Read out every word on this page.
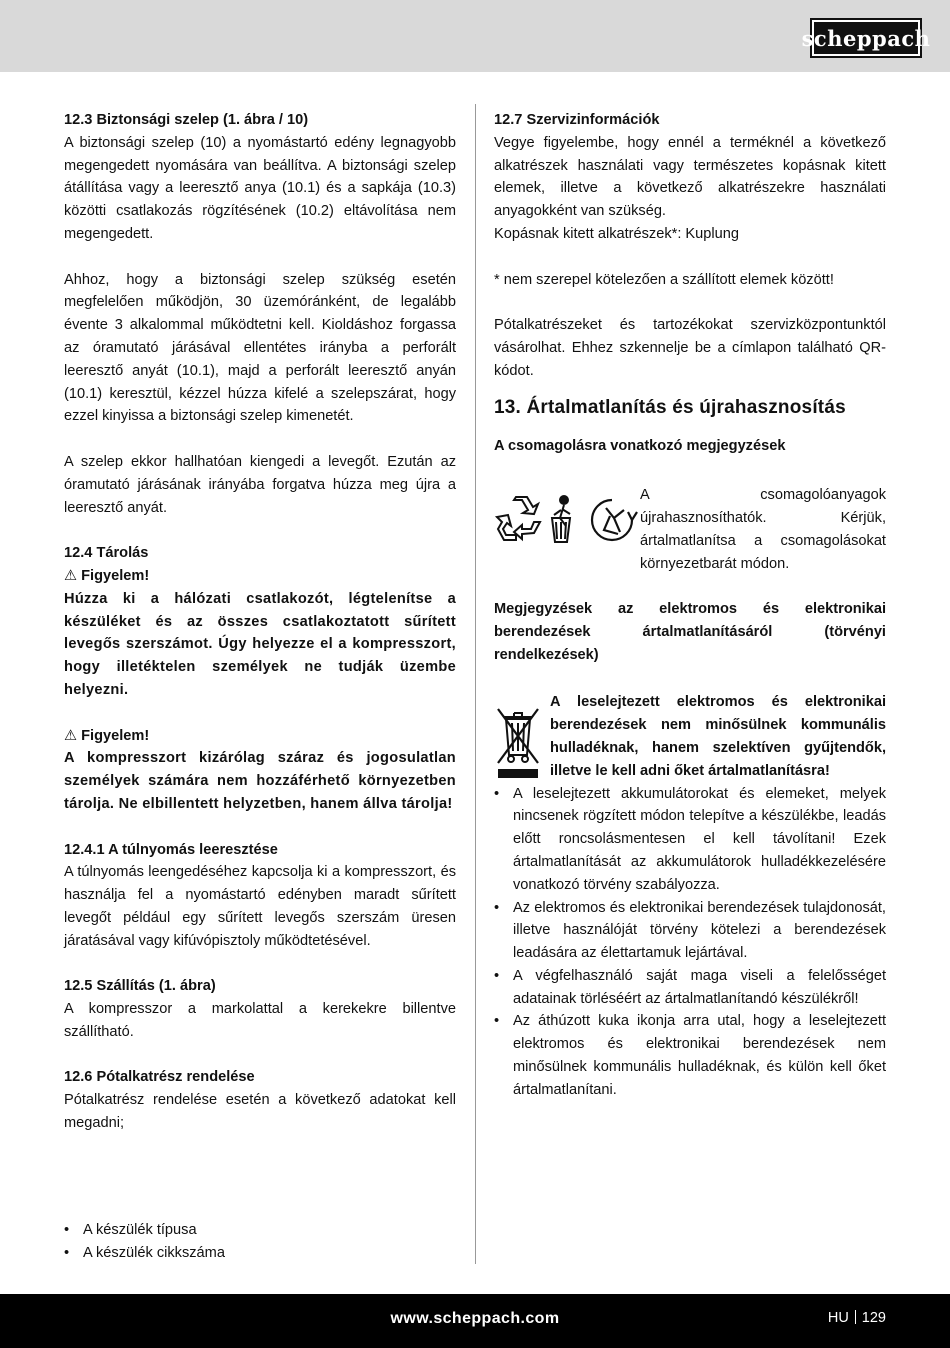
scheppach

12.3 Biztonsági szelep (1. ábra / 10)

A biztonsági szelep (10) a nyomástartó edény legnagyobb megengedett nyomására van beállítva. A biztonsági szelep átállítása vagy a leeresztő anya (10.1) és a sapkája (10.3) közötti csatlakozás rögzítésének (10.2) eltávolítása nem megengedett.

Ahhoz, hogy a biztonsági szelep szükség esetén megfelelően működjön, 30 üzemóránként, de legalább évente 3 alkalommal működtetni kell. Kioldáshoz forgassa az óramutató járásával ellentétes irányba a perforált leeresztő anyát (10.1), majd a perforált leeresztő anyán (10.1) keresztül, kézzel húzza kifelé a szelepszárat, hogy ezzel kinyissa a biztonsági szelep kimenetét.

A szelep ekkor hallhatóan kiengedi a levegőt. Ezután az óramutató járásának irányába forgatva húzza meg újra a leeresztő anyát.

12.4 Tárolás

⚠ Figyelem!

Húzza ki a hálózati csatlakozót, légtelenítse a készüléket és az összes csatlakoztatott sűrített levegős szerszámot. Úgy helyezze el a kompresszort, hogy illetéktelen személyek ne tudják üzembe helyezni.

⚠ Figyelem!

A kompresszort kizárólag száraz és jogosulatlan személyek számára nem hozzáférhető környezetben tárolja. Ne elbillentett helyzetben, hanem állva tárolja!

12.4.1 A túlnyomás leeresztése

A túlnyomás leengedéséhez kapcsolja ki a kompresszort, és használja fel a nyomástartó edényben maradt sűrített levegőt például egy sűrített levegős szerszám üresen járatásával vagy kifúvópisztoly működtetésével.

12.5 Szállítás (1. ábra)

A kompresszor a markolattal a kerekekre billentve szállítható.

12.6 Pótalkatrész rendelése

Pótalkatrész rendelése esetén a következő adatokat kell megadni;

• A készülék típusa
• A készülék cikkszáma

12.7 Szervizinformációk

Vegye figyelembe, hogy ennél a terméknél a következő alkatrészek használati vagy természetes kopásnak kitett elemek, illetve a következő alkatrészekre használati anyagokként van szükség.

Kopásnak kitett alkatrészek*: Kuplung

* nem szerepel kötelezően a szállított elemek között!

Pótalkatrészeket és tartozékokat szervizközpontunktól vásárolhat. Ehhez szkennelje be a címlapon található QR-kódot.

13. Ártalmatlanítás és újrahasznosítás

A csomagolásra vonatkozó megjegyzések

A csomagolóanyagok újrahasznosíthatók. Kérjük, ártalmatlanítsa a csomagolásokat környezetbarát módon.

Megjegyzések az elektromos és elektronikai berendezések ártalmatlanításáról (törvényi rendelkezések)

A leselejtezett elektromos és elektronikai berendezések nem minősülnek kommunális hulladéknak, hanem szelektíven gyűjtendők, illetve le kell adni őket ártalmatlanításra!

• A leselejtezett akkumulátorokat és elemeket, melyek nincsenek rögzített módon telepítve a készülékbe, leadás előtt roncsolásmentesen el kell távolítani! Ezek ártalmatlanítását az akkumulátorok hulladékkezelésére vonatkozó törvény szabályozza.
• Az elektromos és elektronikai berendezések tulajdonosát, illetve használóját törvény kötelezi a berendezések leadására az élettartamuk lejártával.
• A végfelhasználó saját maga viseli a felelősséget adatainak törléséért az ártalmatlanítandó készülékről!
• Az áthúzott kuka ikonja arra utal, hogy a leselejtezett elektromos és elektronikai berendezések nem minősülnek kommunális hulladéknak, és külön kell őket ártalmatlanítani.
www.scheppach.com	HU 129
